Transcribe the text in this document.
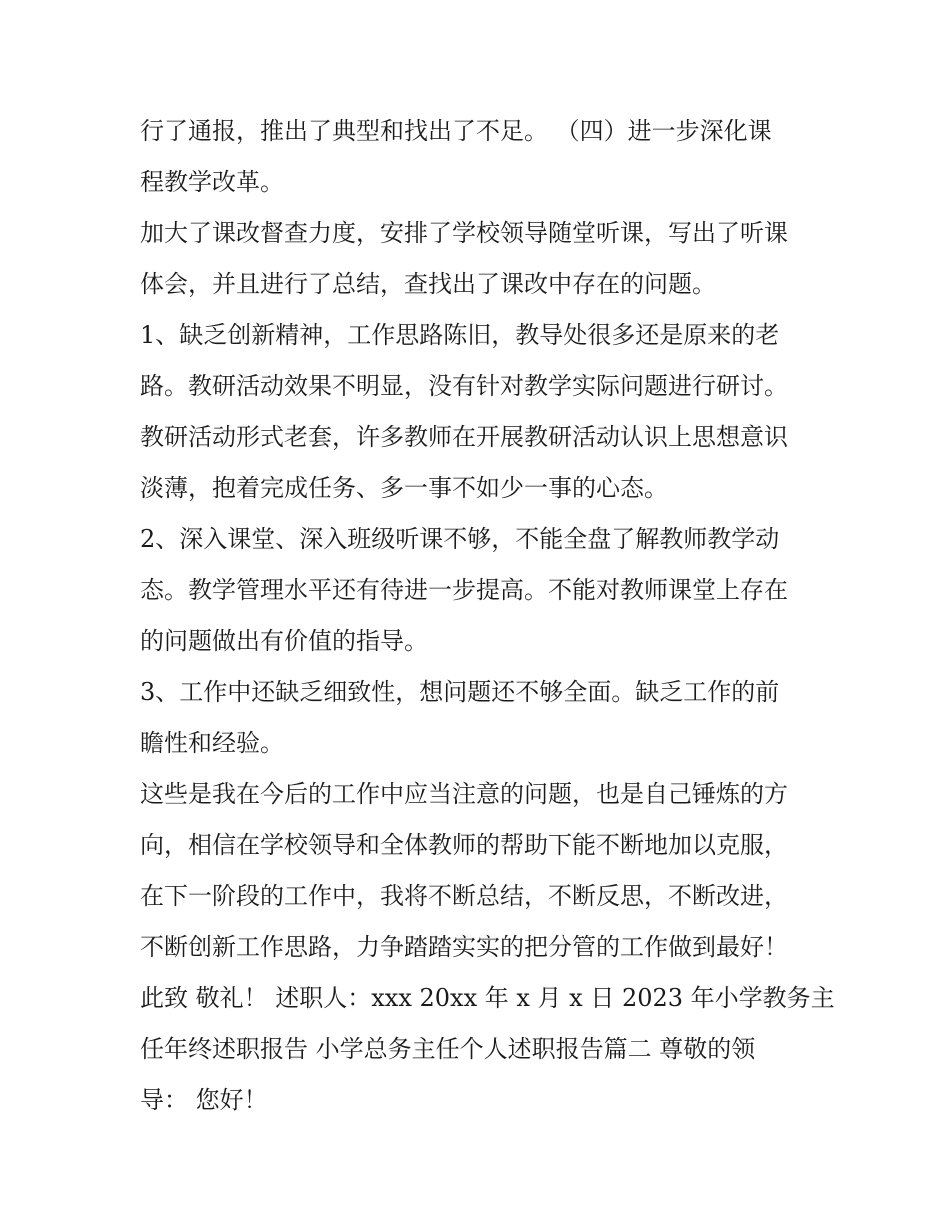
行了通报，推出了典型和找出了不足。 （四）进一步深化课
程教学改革。
加大了课改督查力度，安排了学校领导随堂听课，写出了听课
体会，并且进行了总结，查找出了课改中存在的问题。
1、缺乏创新精神，工作思路陈旧，教导处很多还是原来的老
路。教研活动效果不明显，没有针对教学实际问题进行研讨。
教研活动形式老套，许多教师在开展教研活动认识上思想意识
淡薄，抱着完成任务、多一事不如少一事的心态。
2、深入课堂、深入班级听课不够，不能全盘了解教师教学动
态。教学管理水平还有待进一步提高。不能对教师课堂上存在
的问题做出有价值的指导。
3、工作中还缺乏细致性，想问题还不够全面。缺乏工作的前
瞻性和经验。
这些是我在今后的工作中应当注意的问题，也是自己锤炼的方
向，相信在学校领导和全体教师的帮助下能不断地加以克服，
在下一阶段的工作中，我将不断总结，不断反思，不断改进，
不断创新工作思路，力争踏踏实实的把分管的工作做到最好！
此致 敬礼！ 述职人：xxx 20xx 年 x 月 x 日 2023 年小学教务主
任年终述职报告 小学总务主任个人述职报告篇二 尊敬的领
导： 您好！
